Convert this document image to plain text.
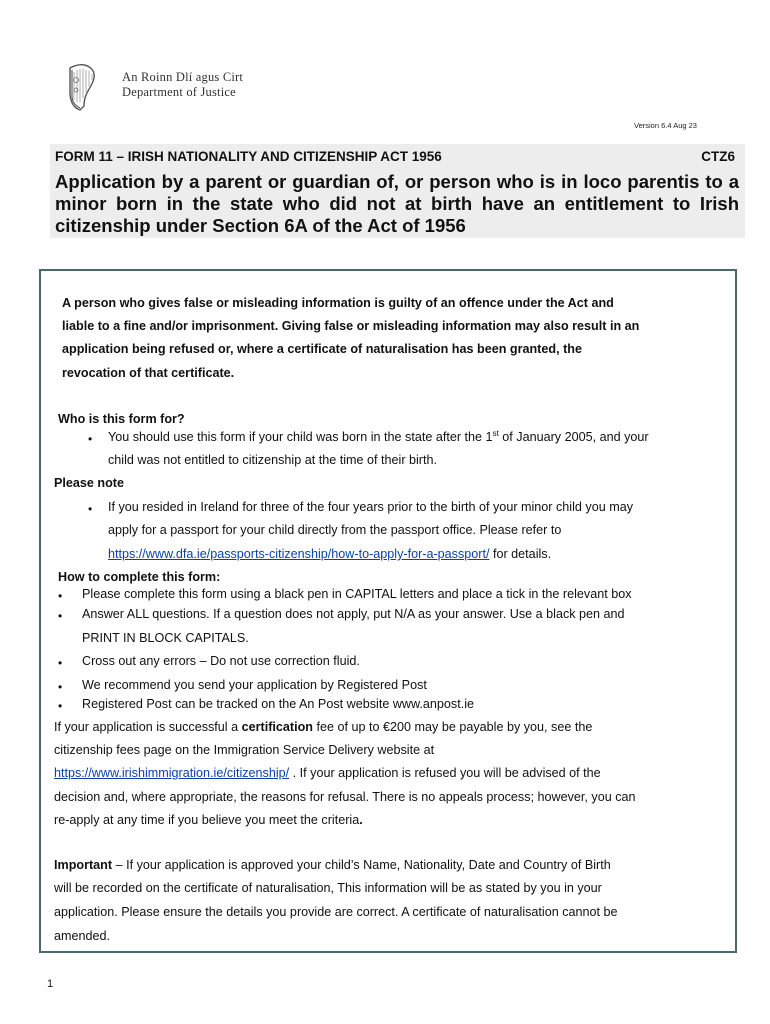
An Roinn Dlí agus Cirt
Department of Justice
Version 6.4 Aug 23
FORM 11 – IRISH NATIONALITY AND CITIZENSHIP ACT 1956	CTZ6

Application by a parent or guardian of, or person who is in loco parentis to a minor born in the state who did not at birth have an entitlement to Irish citizenship under Section 6A of the Act of 1956

A person who gives false or misleading information is guilty of an offence under the Act and

liable to a fine and/or imprisonment. Giving false or misleading information may also result in an

application being refused or, where a certificate of naturalisation has been granted, the

revocation of that certificate.

Who is this form for?

• You should use this form if your child was born in the state after the 1st of January 2005, and your

child was not entitled to citizenship at the time of their birth.

Please note

• If you resided in Ireland for three of the four years prior to the birth of your minor child you may

apply for a passport for your child directly from the passport office. Please refer to

https://www.dfa.ie/passports-citizenship/how-to-apply-for-a-passport/ for details.

How to complete this form:

• Please complete this form using a black pen in CAPITAL letters and place a tick in the relevant box

• Answer ALL questions. If a question does not apply, put N/A as your answer. Use a black pen and

PRINT IN BLOCK CAPITALS.

• Cross out any errors – Do not use correction fluid.

• We recommend you send your application by Registered Post

• Registered Post can be tracked on the An Post website www.anpost.ie

If your application is successful a certification fee of up to €200 may be payable by you, see the

citizenship fees page on the Immigration Service Delivery website at

https://www.irishimmigration.ie/citizenship/ . If your application is refused you will be advised of the

decision and, where appropriate, the reasons for refusal. There is no appeals process; however, you can

re-apply at any time if you believe you meet the criteria.

Important – If your application is approved your child’s Name, Nationality, Date and Country of Birth

will be recorded on the certificate of naturalisation, This information will be as stated by you in your

application. Please ensure the details you provide are correct. A certificate of naturalisation cannot be

amended.

1
